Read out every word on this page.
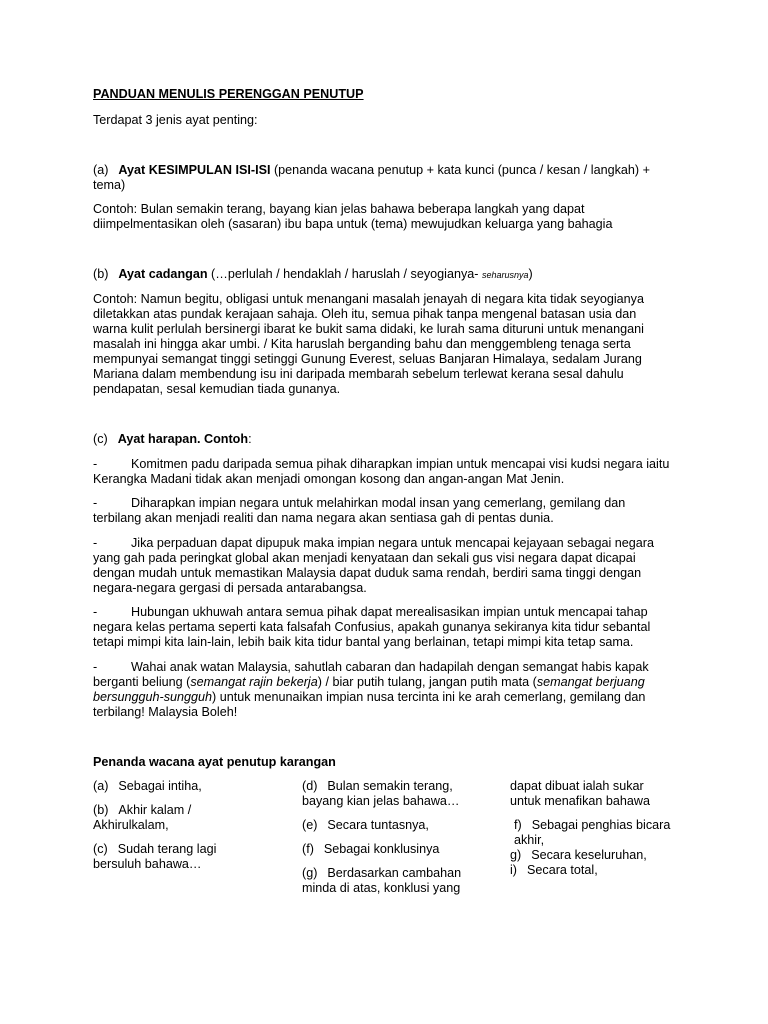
PANDUAN MENULIS PERENGGAN PENUTUP

Terdapat 3 jenis ayat penting:

(a) Ayat KESIMPULAN ISI-ISI (penanda wacana penutup + kata kunci (punca / kesan / langkah) + tema)

Contoh: Bulan semakin terang, bayang kian jelas bahawa beberapa langkah yang dapat diimpelmentasikan oleh (sasaran) ibu bapa untuk (tema) mewujudkan keluarga yang bahagia

(b) Ayat cadangan (…perlulah / hendaklah / haruslah / seyogianya- seharusnya)

Contoh: Namun begitu, obligasi untuk menangani masalah jenayah di negara kita tidak seyogianya diletakkan atas pundak kerajaan sahaja. Oleh itu, semua pihak tanpa mengenal batasan usia dan warna kulit perlulah bersinergi ibarat ke bukit sama didaki, ke lurah sama dituruni untuk menangani masalah ini hingga akar umbi. / Kita haruslah berganding bahu dan menggembleng tenaga serta mempunyai semangat tinggi setinggi Gunung Everest, seluas Banjaran Himalaya, sedalam Jurang Mariana dalam membendung isu ini daripada membarah sebelum terlewat kerana sesal dahulu pendapatan, sesal kemudian tiada gunanya.

(c) Ayat harapan. Contoh:

-	Komitmen padu daripada semua pihak diharapkan impian untuk mencapai visi kudsi negara iaitu Kerangka Madani tidak akan menjadi omongan kosong dan angan-angan Mat Jenin.

-	Diharapkan impian negara untuk melahirkan modal insan yang cemerlang, gemilang dan terbilang akan menjadi realiti dan nama negara akan sentiasa gah di pentas dunia.

-	Jika perpaduan dapat dipupuk maka impian negara untuk mencapai kejayaan sebagai negara yang gah pada peringkat global akan menjadi kenyataan dan sekali gus visi negara dapat dicapai dengan mudah untuk memastikan Malaysia dapat duduk sama rendah, berdiri sama tinggi dengan negara-negara gergasi di persada antarabangsa.

-	Hubungan ukhuwah antara semua pihak dapat merealisasikan impian untuk mencapai tahap negara kelas pertama seperti kata falsafah Confusius, apakah gunanya sekiranya kita tidur sebantal tetapi mimpi kita lain-lain, lebih baik kita tidur bantal yang berlainan, tetapi mimpi kita tetap sama.

-	Wahai anak watan Malaysia, sahutlah cabaran dan hadapilah dengan semangat habis kapak berganti beliung (semangat rajin bekerja) / biar putih tulang, jangan putih mata (semangat berjuang bersungguh-sungguh) untuk menunaikan impian nusa tercinta ini ke arah cemerlang, gemilang dan terbilang! Malaysia Boleh!

Penanda wacana ayat penutup karangan

(a) Sebagai intiha,

(b) Akhir kalam / Akhirulkalam,

(c) Sudah terang lagi bersuluh bahawa…

(d) Bulan semakin terang, bayang kian jelas bahawa…

(e) Secara tuntasnya,

(f) Sebagai konklusinya

(g) Berdasarkan cambahan minda di atas, konklusi yang

dapat dibuat ialah sukar untuk menafikan bahawa

f) Sebagai penghias bicara akhir,

g) Secara keseluruhan,

i) Secara total,
